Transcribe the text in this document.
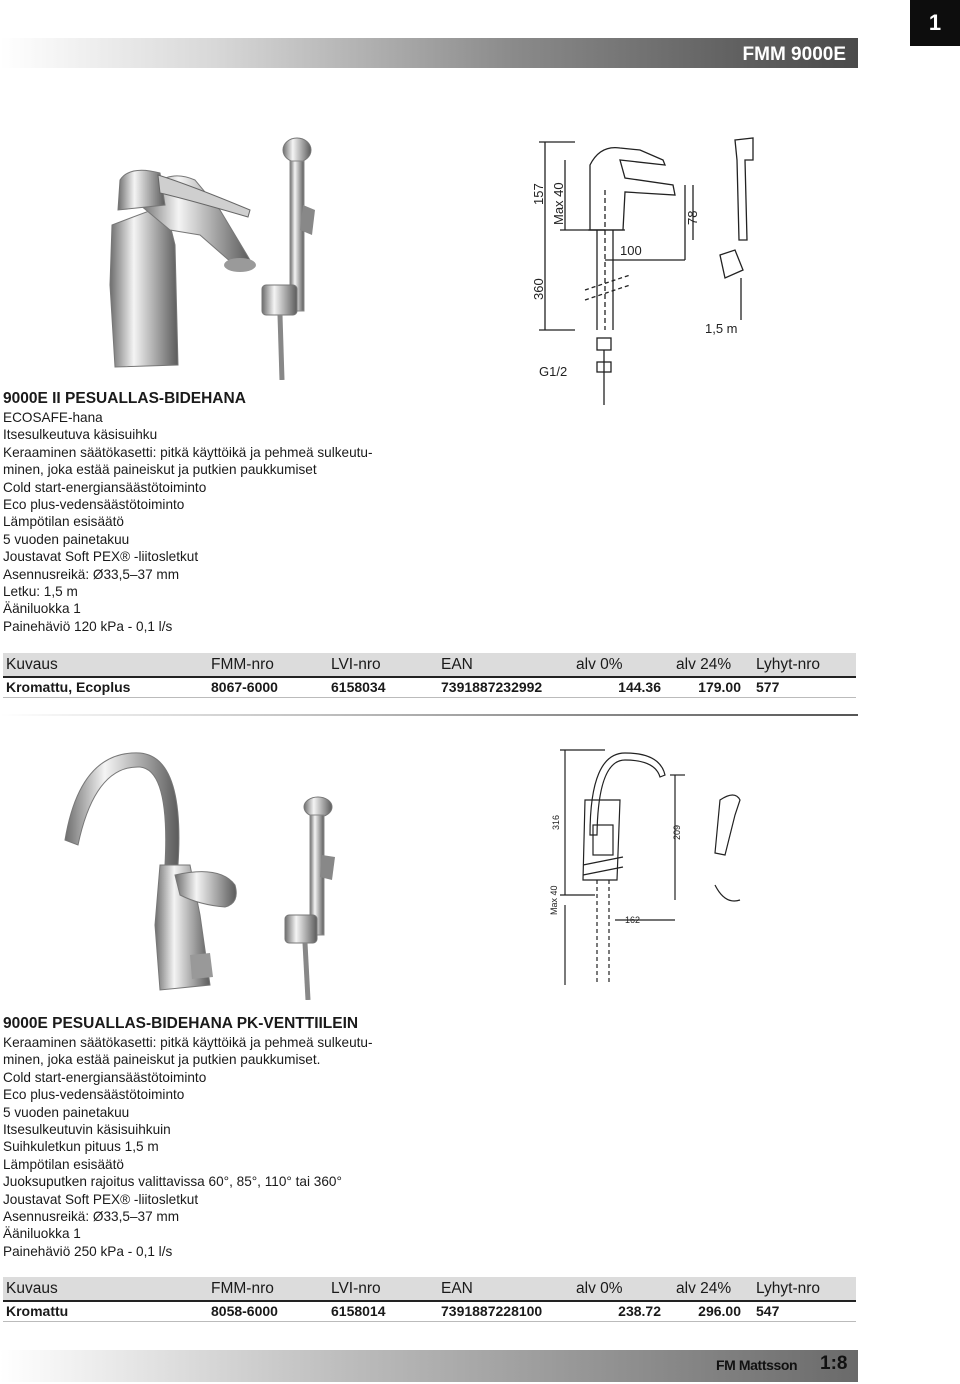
FMM 9000E
1
157 Max 40
360
100
78
1,5 m
G1/2
9000E II PESUALLAS-BIDEHANA
ECOSAFE-hana
Itsesulkeutuva käsisuihku
Keraaminen säätökasetti: pitkä käyttöikä ja pehmeä sulkeutu-
minen, joka estää paineiskut ja putkien paukkumiset
Cold start-energiansäästötoiminto
Eco plus-vedensäästötoiminto
Lämpötilan esisäätö
5 vuoden painetakuu
Joustavat Soft PEX® -liitosletkut
Asennusreikä: Ø33,5–37 mm
Letku: 1,5 m
Ääniluokka 1
Painehäviö 120 kPa - 0,1 l/s
Kuvaus	FMM-nro	LVI-nro	EAN	alv 0%	alv 24%	Lyhyt-nro
Kromattu, Ecoplus	8067-6000	6158034	7391887232992	144.36	179.00	577
316
209
Max 40
162
9000E PESUALLAS-BIDEHANA PK-VENTTIILEIN
Keraaminen säätökasetti: pitkä käyttöikä ja pehmeä sulkeutu-
minen, joka estää paineiskut ja putkien paukkumiset.
Cold start-energiansäästötoiminto
Eco plus-vedensäästötoiminto
5 vuoden painetakuu
Itsesulkeutuvin käsisuihkuin
Suihkuletkun pituus 1,5 m
Lämpötilan esisäätö
Juoksuputken rajoitus valittavissa 60°, 85°, 110° tai 360°
Joustavat Soft PEX® -liitosletkut
Asennusreikä: Ø33,5–37 mm
Ääniluokka 1
Painehäviö 250 kPa - 0,1 l/s
Kuvaus	FMM-nro	LVI-nro	EAN	alv 0%	alv 24%	Lyhyt-nro
Kromattu	8058-6000	6158014	7391887228100	238.72	296.00	547
FM Mattsson 1:8
